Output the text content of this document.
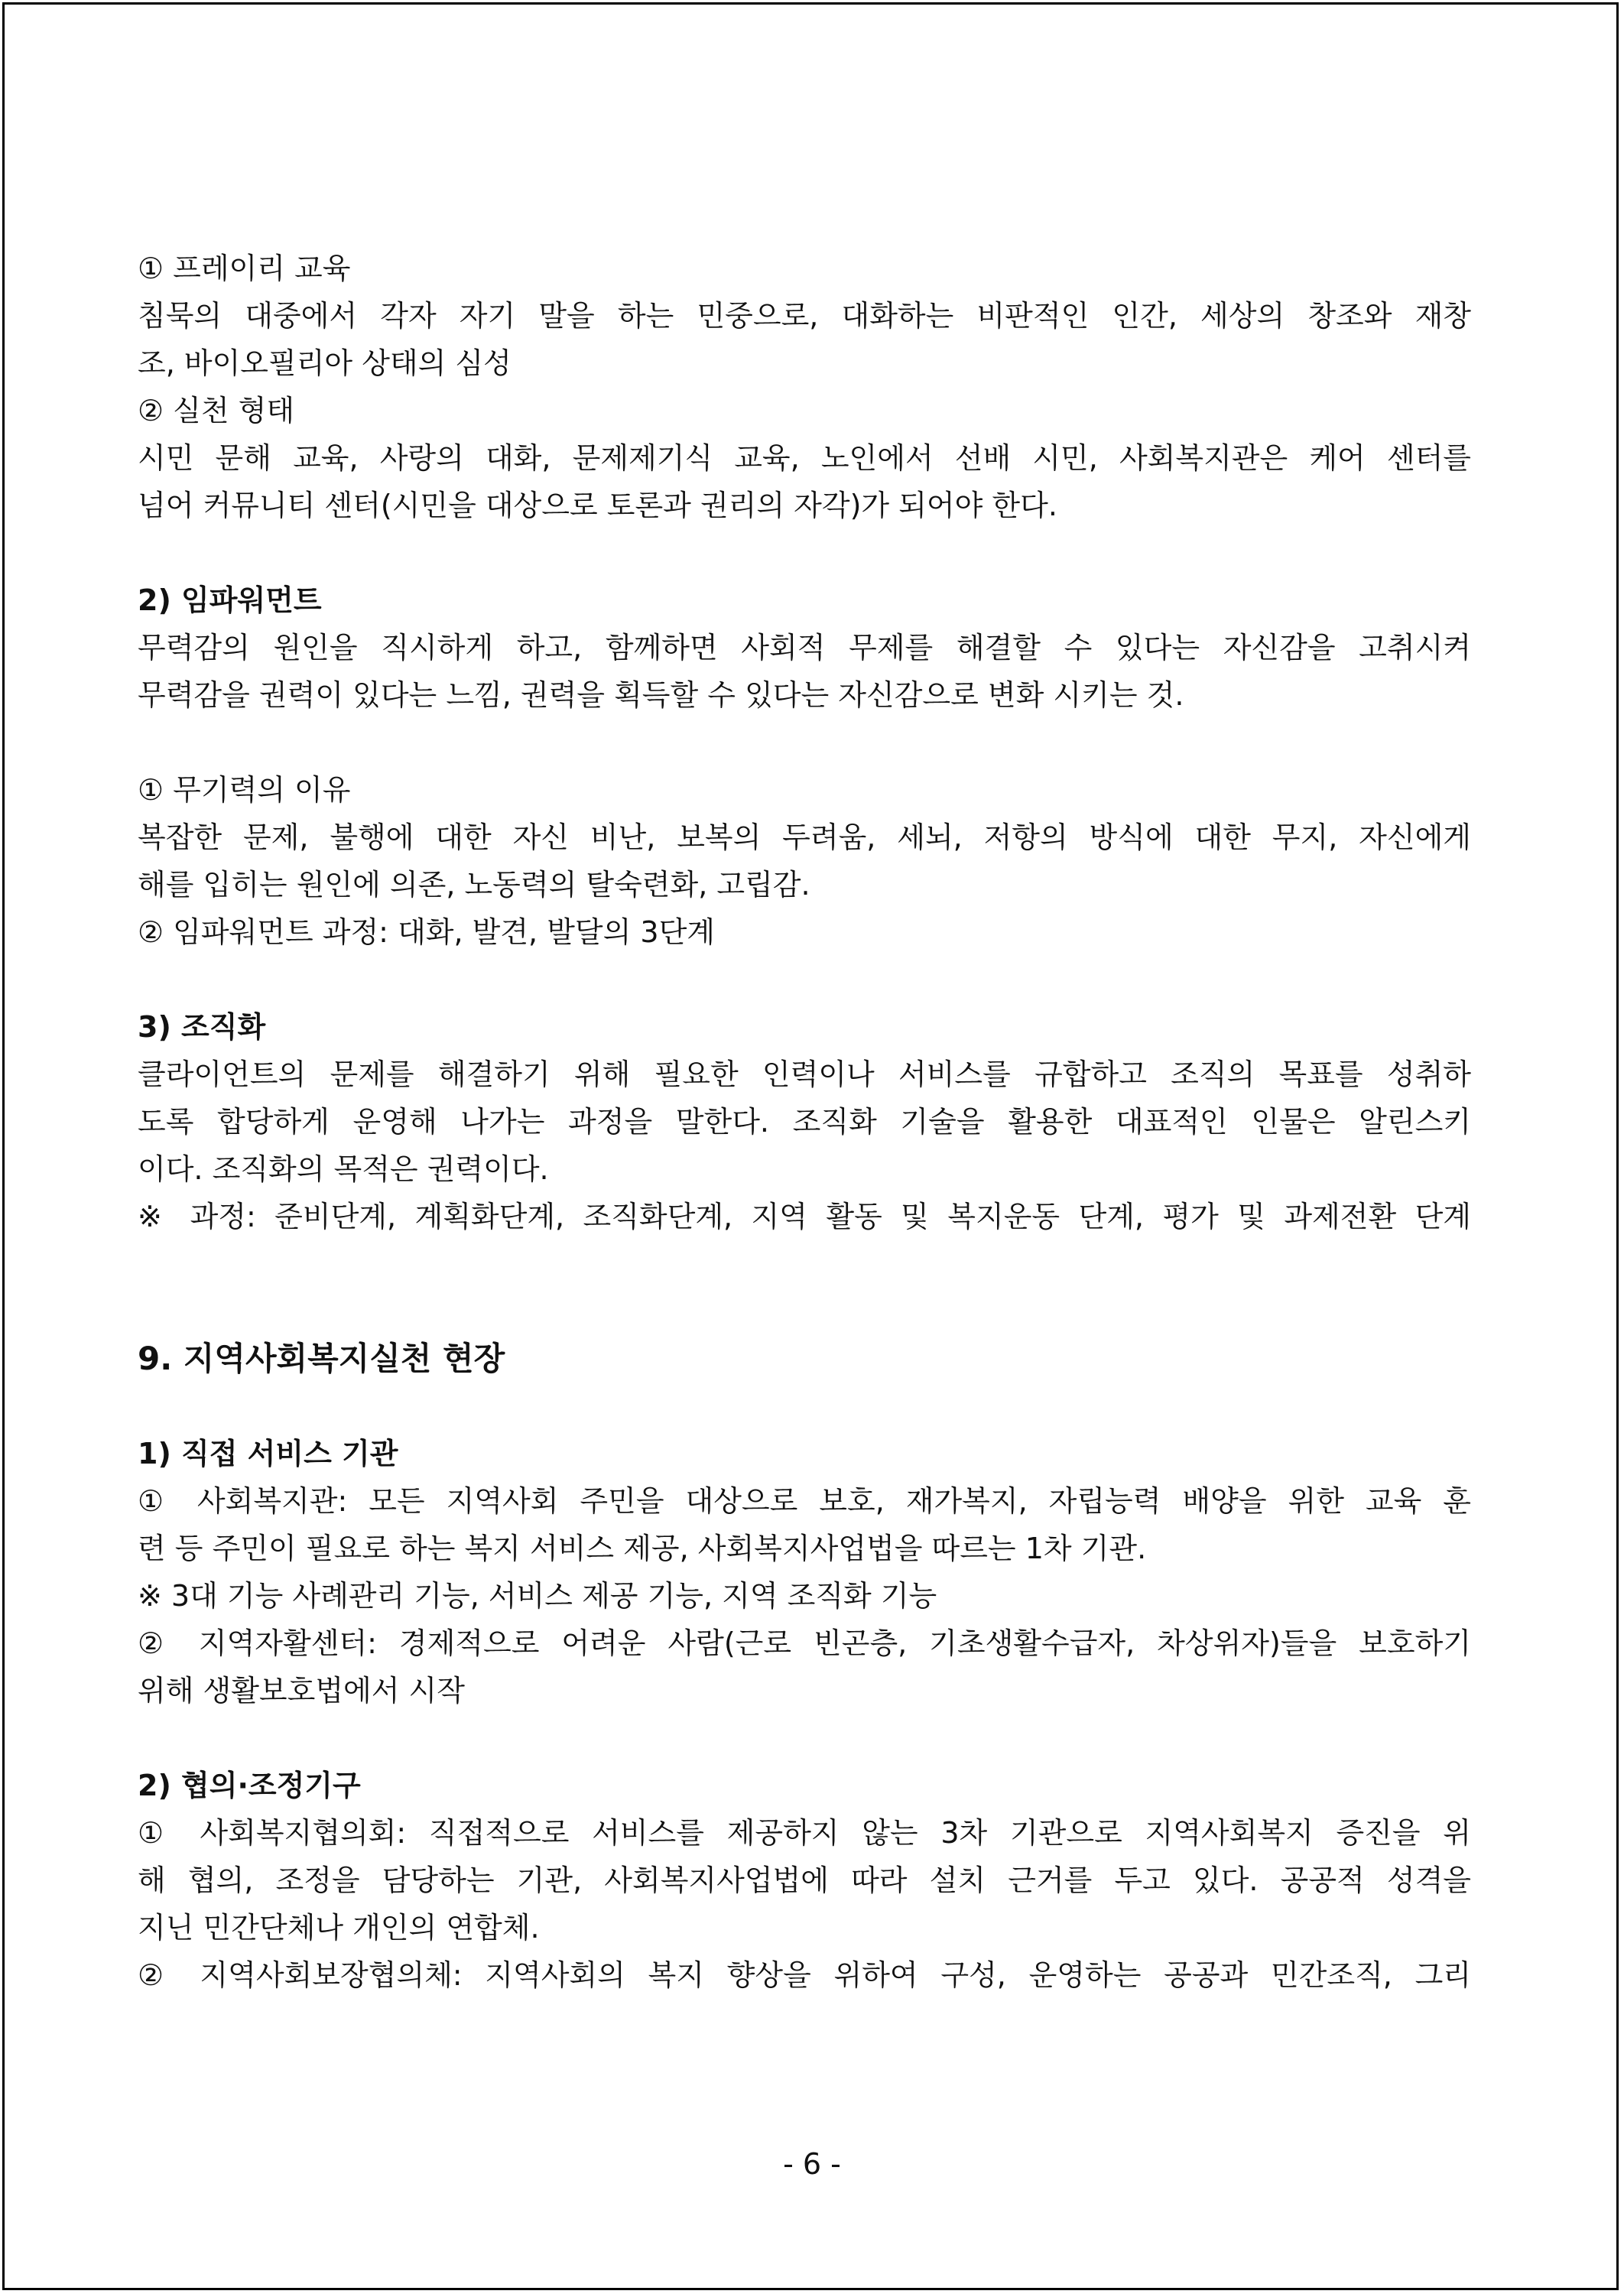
① 프레이리 교육
침묵의 대중에서 각자 자기 말을 하는 민중으로, 대화하는 비판적인 인간, 세상의 창조와 재창
조, 바이오필리아 상태의 심성
② 실천 형태
시민 문해 교육, 사랑의 대화, 문제제기식 교육, 노인에서 선배 시민, 사회복지관은 케어 센터를
넘어 커뮤니티 센터(시민을 대상으로 토론과 권리의 자각)가 되어야 한다.
2) 임파워먼트
무력감의 원인을 직시하게 하고, 함께하면 사회적 무제를 해결할 수 있다는 자신감을 고취시켜
무력감을 권력이 있다는 느낌, 권력을 획득할 수 있다는 자신감으로 변화 시키는 것.
① 무기력의 이유
복잡한 문제, 불행에 대한 자신 비난, 보복의 두려움, 세뇌, 저항의 방식에 대한 무지, 자신에게
해를 입히는 원인에 의존, 노동력의 탈숙련화, 고립감.
② 임파워먼트 과정: 대화, 발견, 발달의 3단계
3) 조직화
클라이언트의 문제를 해결하기 위해 필요한 인력이나 서비스를 규합하고 조직의 목표를 성취하
도록 합당하게 운영해 나가는 과정을 말한다. 조직화 기술을 활용한 대표적인 인물은 알린스키
이다. 조직화의 목적은 권력이다.
※ 과정: 준비단계, 계획화단계, 조직화단계, 지역 활동 및 복지운동 단계, 평가 및 과제전환 단계
9. 지역사회복지실천 현장
1) 직접 서비스 기관
① 사회복지관: 모든 지역사회 주민을 대상으로 보호, 재가복지, 자립능력 배양을 위한 교육 훈
련 등 주민이 필요로 하는 복지 서비스 제공, 사회복지사업법을 따르는 1차 기관.
※ 3대 기능 사례관리 기능, 서비스 제공 기능, 지역 조직화 기능
② 지역자활센터: 경제적으로 어려운 사람(근로 빈곤층, 기초생활수급자, 차상위자)들을 보호하기
위해 생활보호법에서 시작
2) 협의·조정기구
① 사회복지협의회: 직접적으로 서비스를 제공하지 않는 3차 기관으로 지역사회복지 증진을 위
해 협의, 조정을 담당하는 기관, 사회복지사업법에 따라 설치 근거를 두고 있다. 공공적 성격을
지닌 민간단체나 개인의 연합체.
② 지역사회보장협의체: 지역사회의 복지 향상을 위하여 구성, 운영하는 공공과 민간조직, 그리
- 6 -
